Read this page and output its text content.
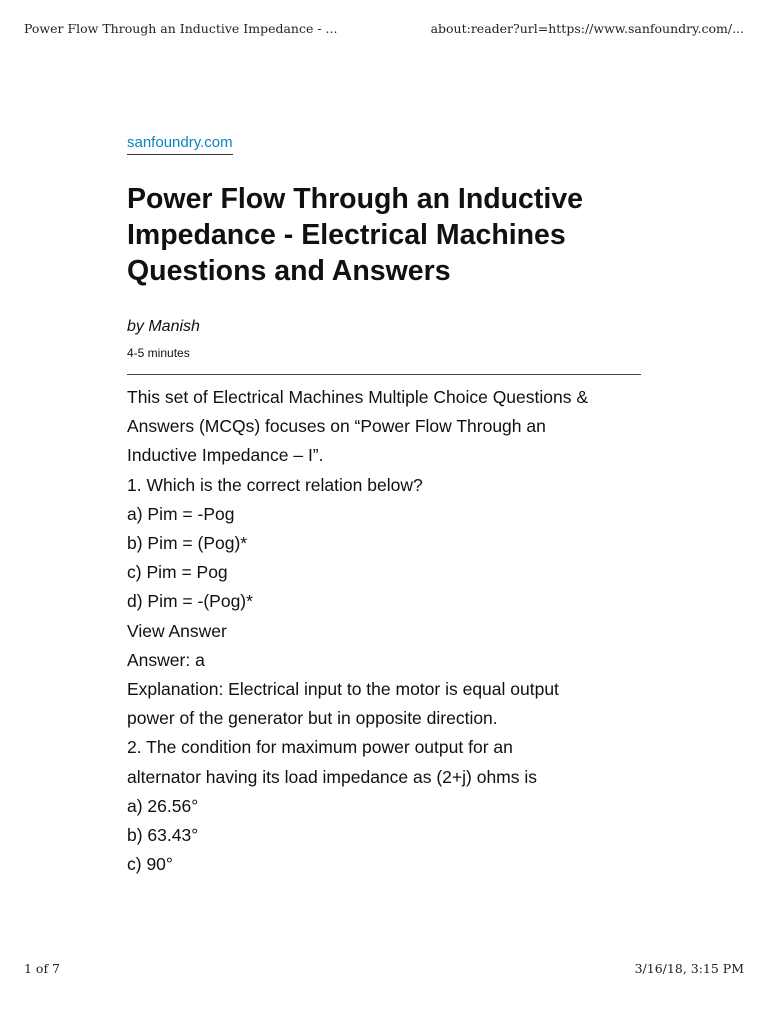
Power Flow Through an Inductive Impedance - ...	about:reader?url=https://www.sanfoundry.com/...
sanfoundry.com
Power Flow Through an Inductive
Impedance - Electrical Machines
Questions and Answers
by Manish
4-5 minutes

This set of Electrical Machines Multiple Choice Questions &
Answers (MCQs) focuses on “Power Flow Through an
Inductive Impedance – I”.

1. Which is the correct relation below?
a) Pim = -Pog
b) Pim = (Pog)*
c) Pim = Pog
d) Pim = -(Pog)*
View Answer

Answer: a
Explanation: Electrical input to the motor is equal output
power of the generator but in opposite direction.

2. The condition for maximum power output for an
alternator having its load impedance as (2+j) ohms is
a) 26.56°
b) 63.43°
c) 90°

1 of 7	3/16/18, 3:15 PM
